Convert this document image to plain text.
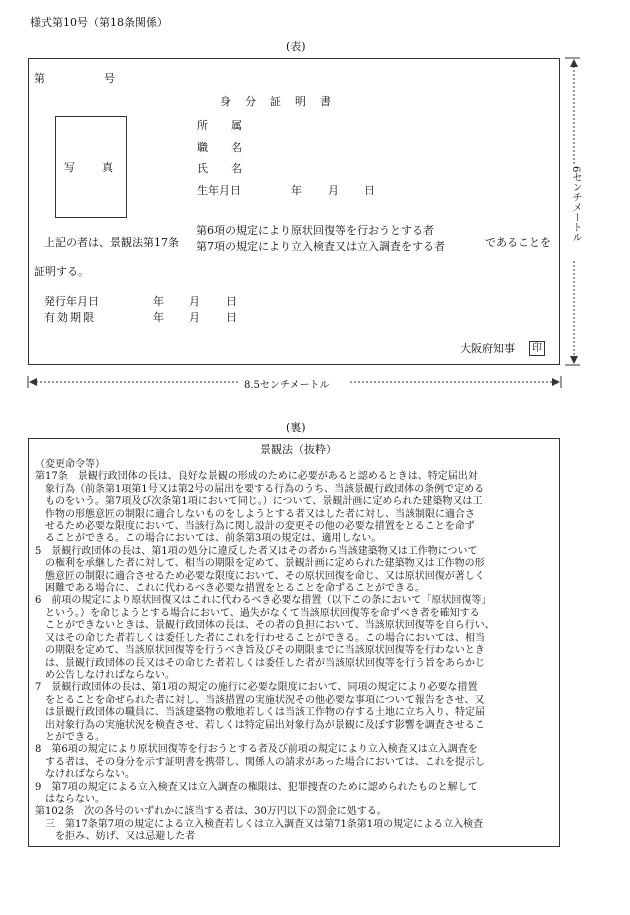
様式第10号（第18条関係）
(表)
第	号
身分証明書
写　真
所　属
職　名
氏　名
生年月日	年 月 日
上記の者は、景観法第17条
第6項の規定により原状回復等を行おうとする者
第7項の規定により立入検査又は立入調査をする者	であることを
証明する。
発行年月日	年 月 日
有効期限	年 月 日
大阪府知事	印
6センチメートル
8.5センチメートル
(裏)
景観法（抜粋）

（変更命令等）

第17条　景観行政団体の長は、良好な景観の形成のために必要があると認めるときは、特定届出対

　象行為（前条第1項第1号又は第2号の届出を要する行為のうち、当該景観行政団体の条例で定める

　ものをいう。第7項及び次条第1項において同じ。）について、景観計画に定められた建築物又は工

　作物の形態意匠の制限に適合しないものをしようとする者又はした者に対し、当該制限に適合さ

　せるため必要な限度において、当該行為に関し設計の変更その他の必要な措置をとることを命ず

　ることができる。この場合においては、前条第3項の規定は、適用しない。

5　景観行政団体の長は、第1項の処分に違反した者又はその者から当該建築物又は工作物について

　の権利を承継した者に対して、相当の期限を定めて、景観計画に定められた建築物又は工作物の形

　態意匠の制限に適合させるため必要な限度において、その原状回復を命じ、又は原状回復が著しく

　困難である場合に、これに代わるべき必要な措置をとることを命ずることができる。

6　前項の規定により原状回復又はこれに代わるべき必要な措置（以下この条において「原状回復等」

　という。）を命じようとする場合において、過失がなくて当該原状回復等を命ずべき者を確知する

　ことができないときは、景観行政団体の長は、その者の負担において、当該原状回復等を自ら行い、

　又はその命じた者若しくは委任した者にこれを行わせることができる。この場合においては、相当

　の期限を定めて、当該原状回復等を行うべき旨及びその期限までに当該原状回復等を行わないとき

　は、景観行政団体の長又はその命じた者若しくは委任した者が当該原状回復等を行う旨をあらかじ

　め公告しなければならない。

7　景観行政団体の長は、第1項の規定の施行に必要な限度において、同項の規定により必要な措置

　をとることを命ぜられた者に対し、当該措置の実施状況その他必要な事項について報告をさせ、又

　は景観行政団体の職員に、当該建築物の敷地若しくは当該工作物の存する土地に立ち入り、特定届

　出対象行為の実施状況を検査させ、若しくは特定届出対象行為が景観に及ぼす影響を調査させるこ

　とができる。

8　第6項の規定により原状回復等を行おうとする者及び前項の規定により立入検査又は立入調査を

　する者は、その身分を示す証明書を携帯し、関係人の請求があった場合においては、これを提示し

　なければならない。

9　第7項の規定による立入検査又は立入調査の権限は、犯罪捜査のために認められたものと解して

　はならない。

第102条　次の各号のいずれかに該当する者は、30万円以下の罰金に処する。

　三　第17条第7項の規定による立入検査若しくは立入調査又は第71条第1項の規定による立入検査

　　を拒み、妨げ、又は忌避した者
